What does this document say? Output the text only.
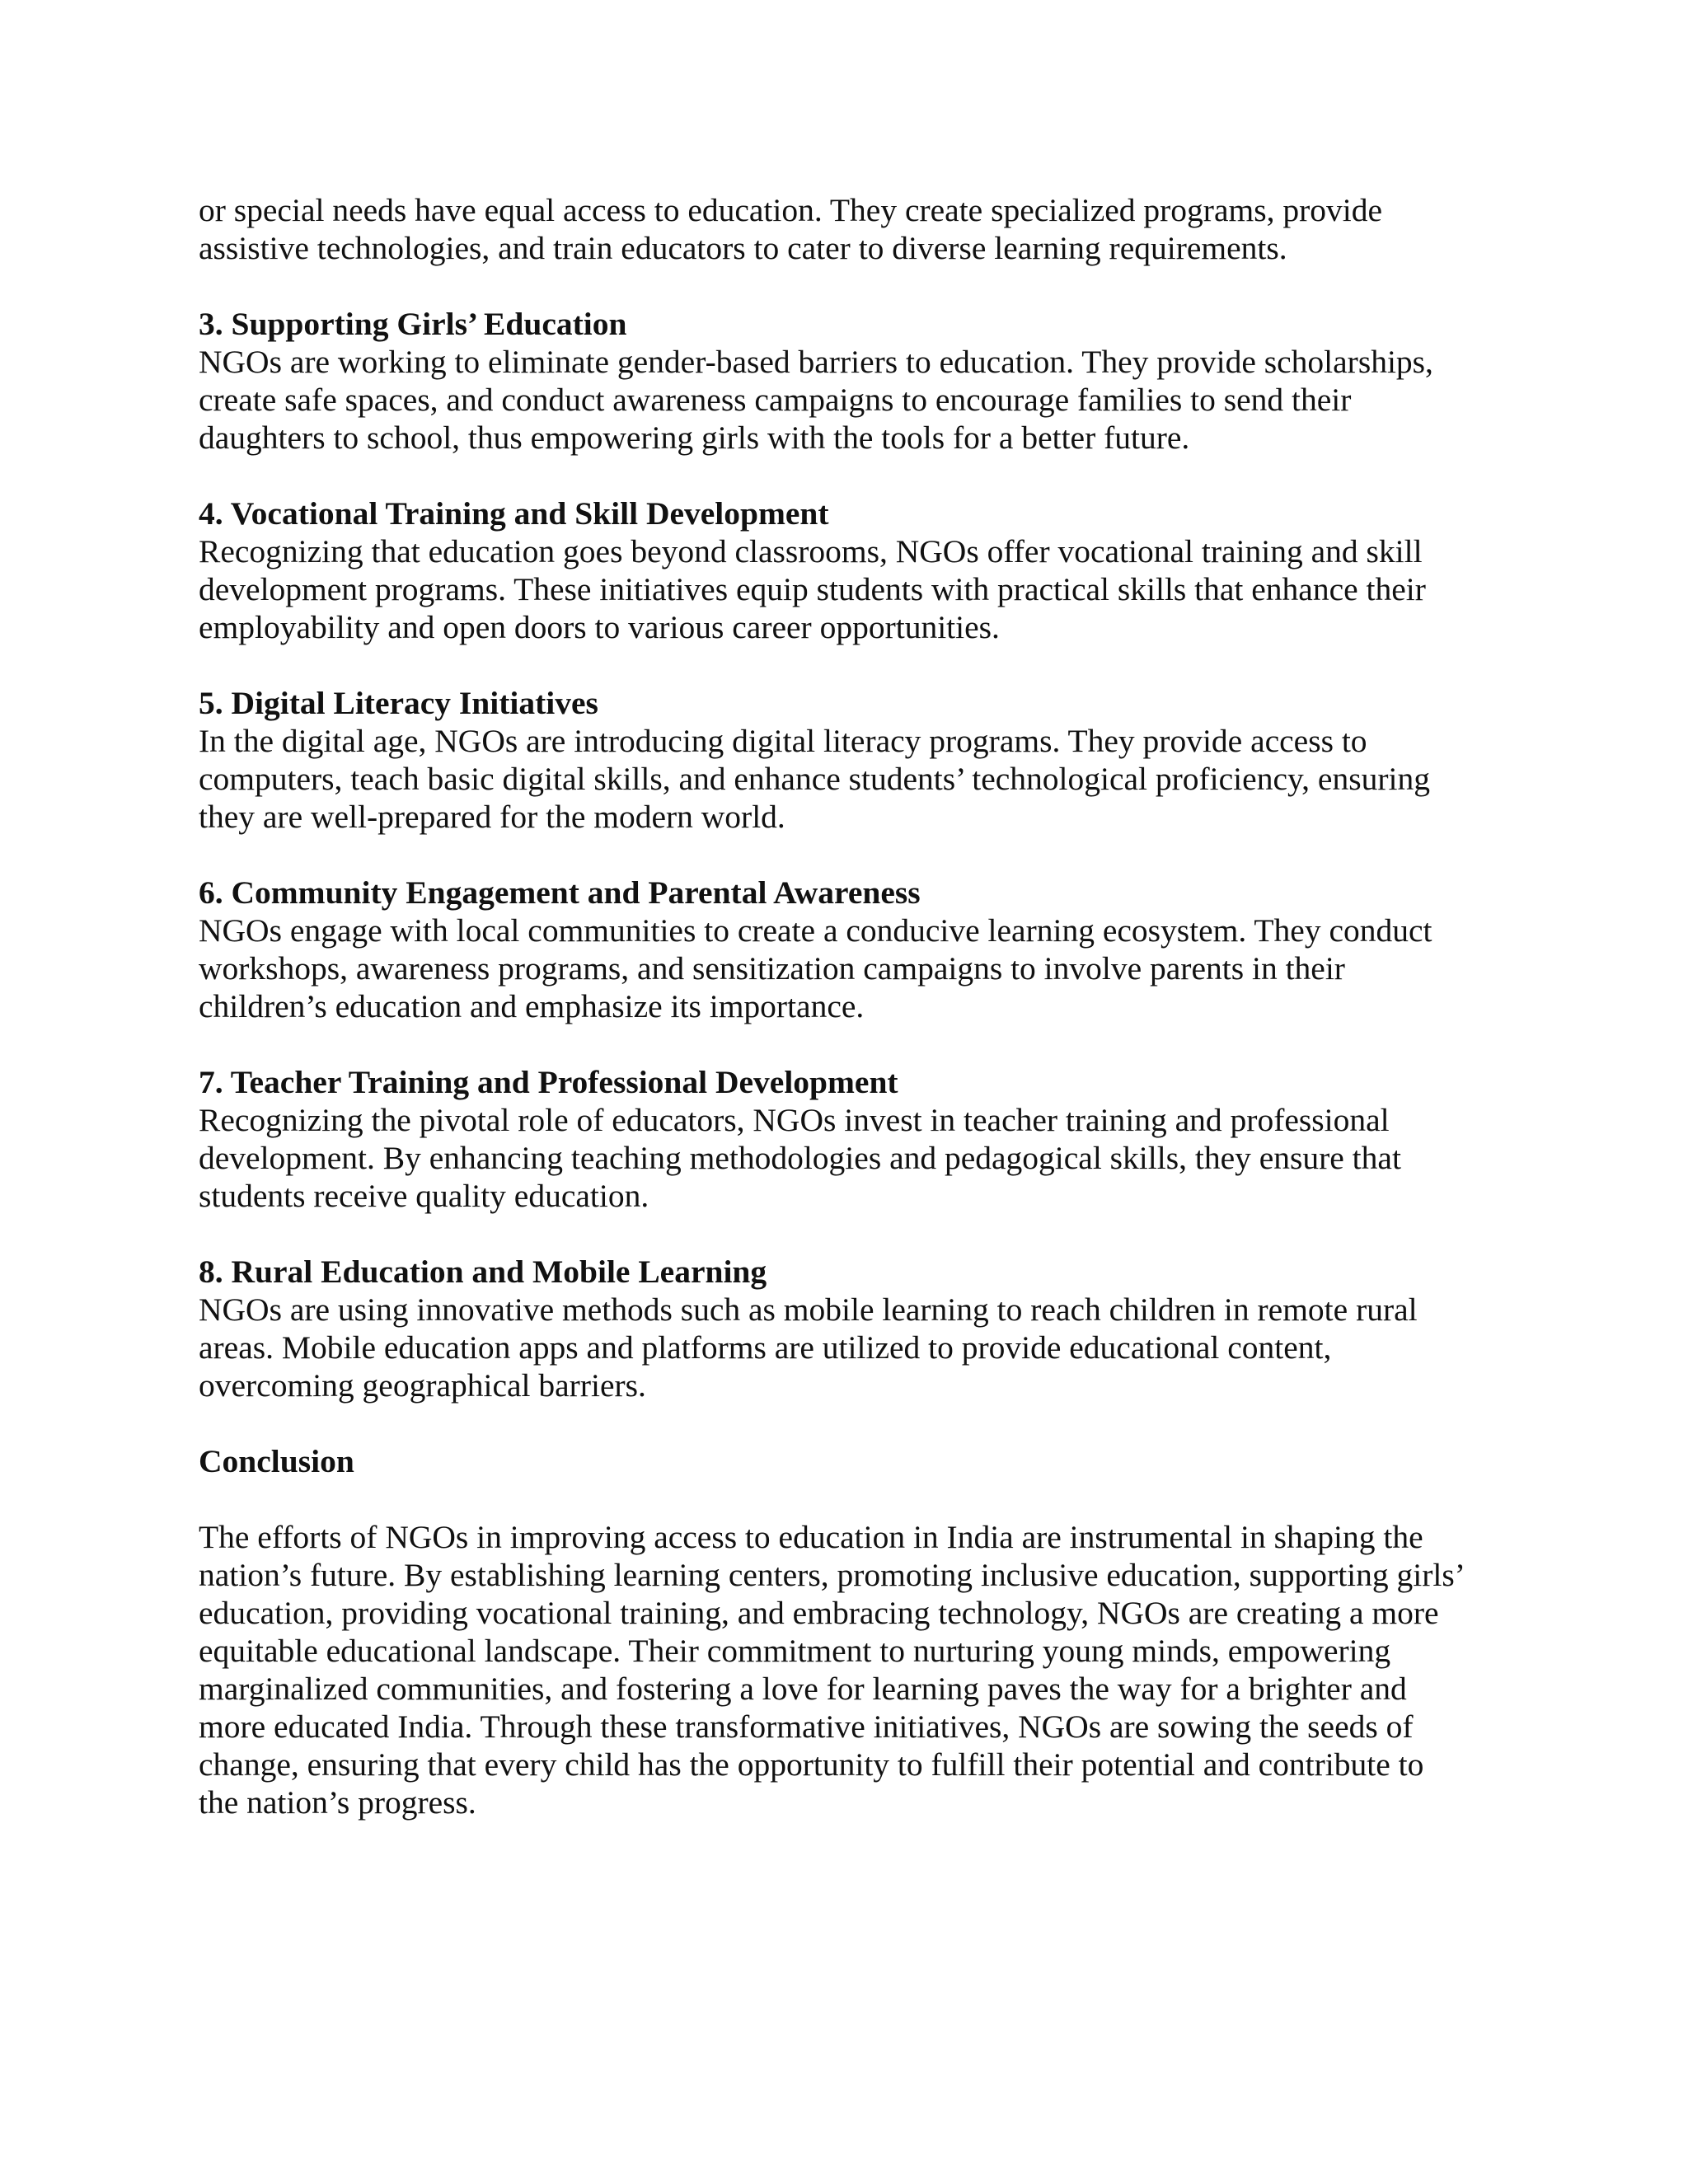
or special needs have equal access to education. They create specialized programs, provide
assistive technologies, and train educators to cater to diverse learning requirements.
3. Supporting Girls’ Education
NGOs are working to eliminate gender-based barriers to education. They provide scholarships,
create safe spaces, and conduct awareness campaigns to encourage families to send their
daughters to school, thus empowering girls with the tools for a better future.
4. Vocational Training and Skill Development
Recognizing that education goes beyond classrooms, NGOs offer vocational training and skill
development programs. These initiatives equip students with practical skills that enhance their
employability and open doors to various career opportunities.
5. Digital Literacy Initiatives
In the digital age, NGOs are introducing digital literacy programs. They provide access to
computers, teach basic digital skills, and enhance students’ technological proficiency, ensuring
they are well-prepared for the modern world.
6. Community Engagement and Parental Awareness
NGOs engage with local communities to create a conducive learning ecosystem. They conduct
workshops, awareness programs, and sensitization campaigns to involve parents in their
children’s education and emphasize its importance.
7. Teacher Training and Professional Development
Recognizing the pivotal role of educators, NGOs invest in teacher training and professional
development. By enhancing teaching methodologies and pedagogical skills, they ensure that
students receive quality education.
8. Rural Education and Mobile Learning
NGOs are using innovative methods such as mobile learning to reach children in remote rural
areas. Mobile education apps and platforms are utilized to provide educational content,
overcoming geographical barriers.
Conclusion
The efforts of NGOs in improving access to education in India are instrumental in shaping the
nation’s future. By establishing learning centers, promoting inclusive education, supporting girls’
education, providing vocational training, and embracing technology, NGOs are creating a more
equitable educational landscape. Their commitment to nurturing young minds, empowering
marginalized communities, and fostering a love for learning paves the way for a brighter and
more educated India. Through these transformative initiatives, NGOs are sowing the seeds of
change, ensuring that every child has the opportunity to fulfill their potential and contribute to
the nation’s progress.
